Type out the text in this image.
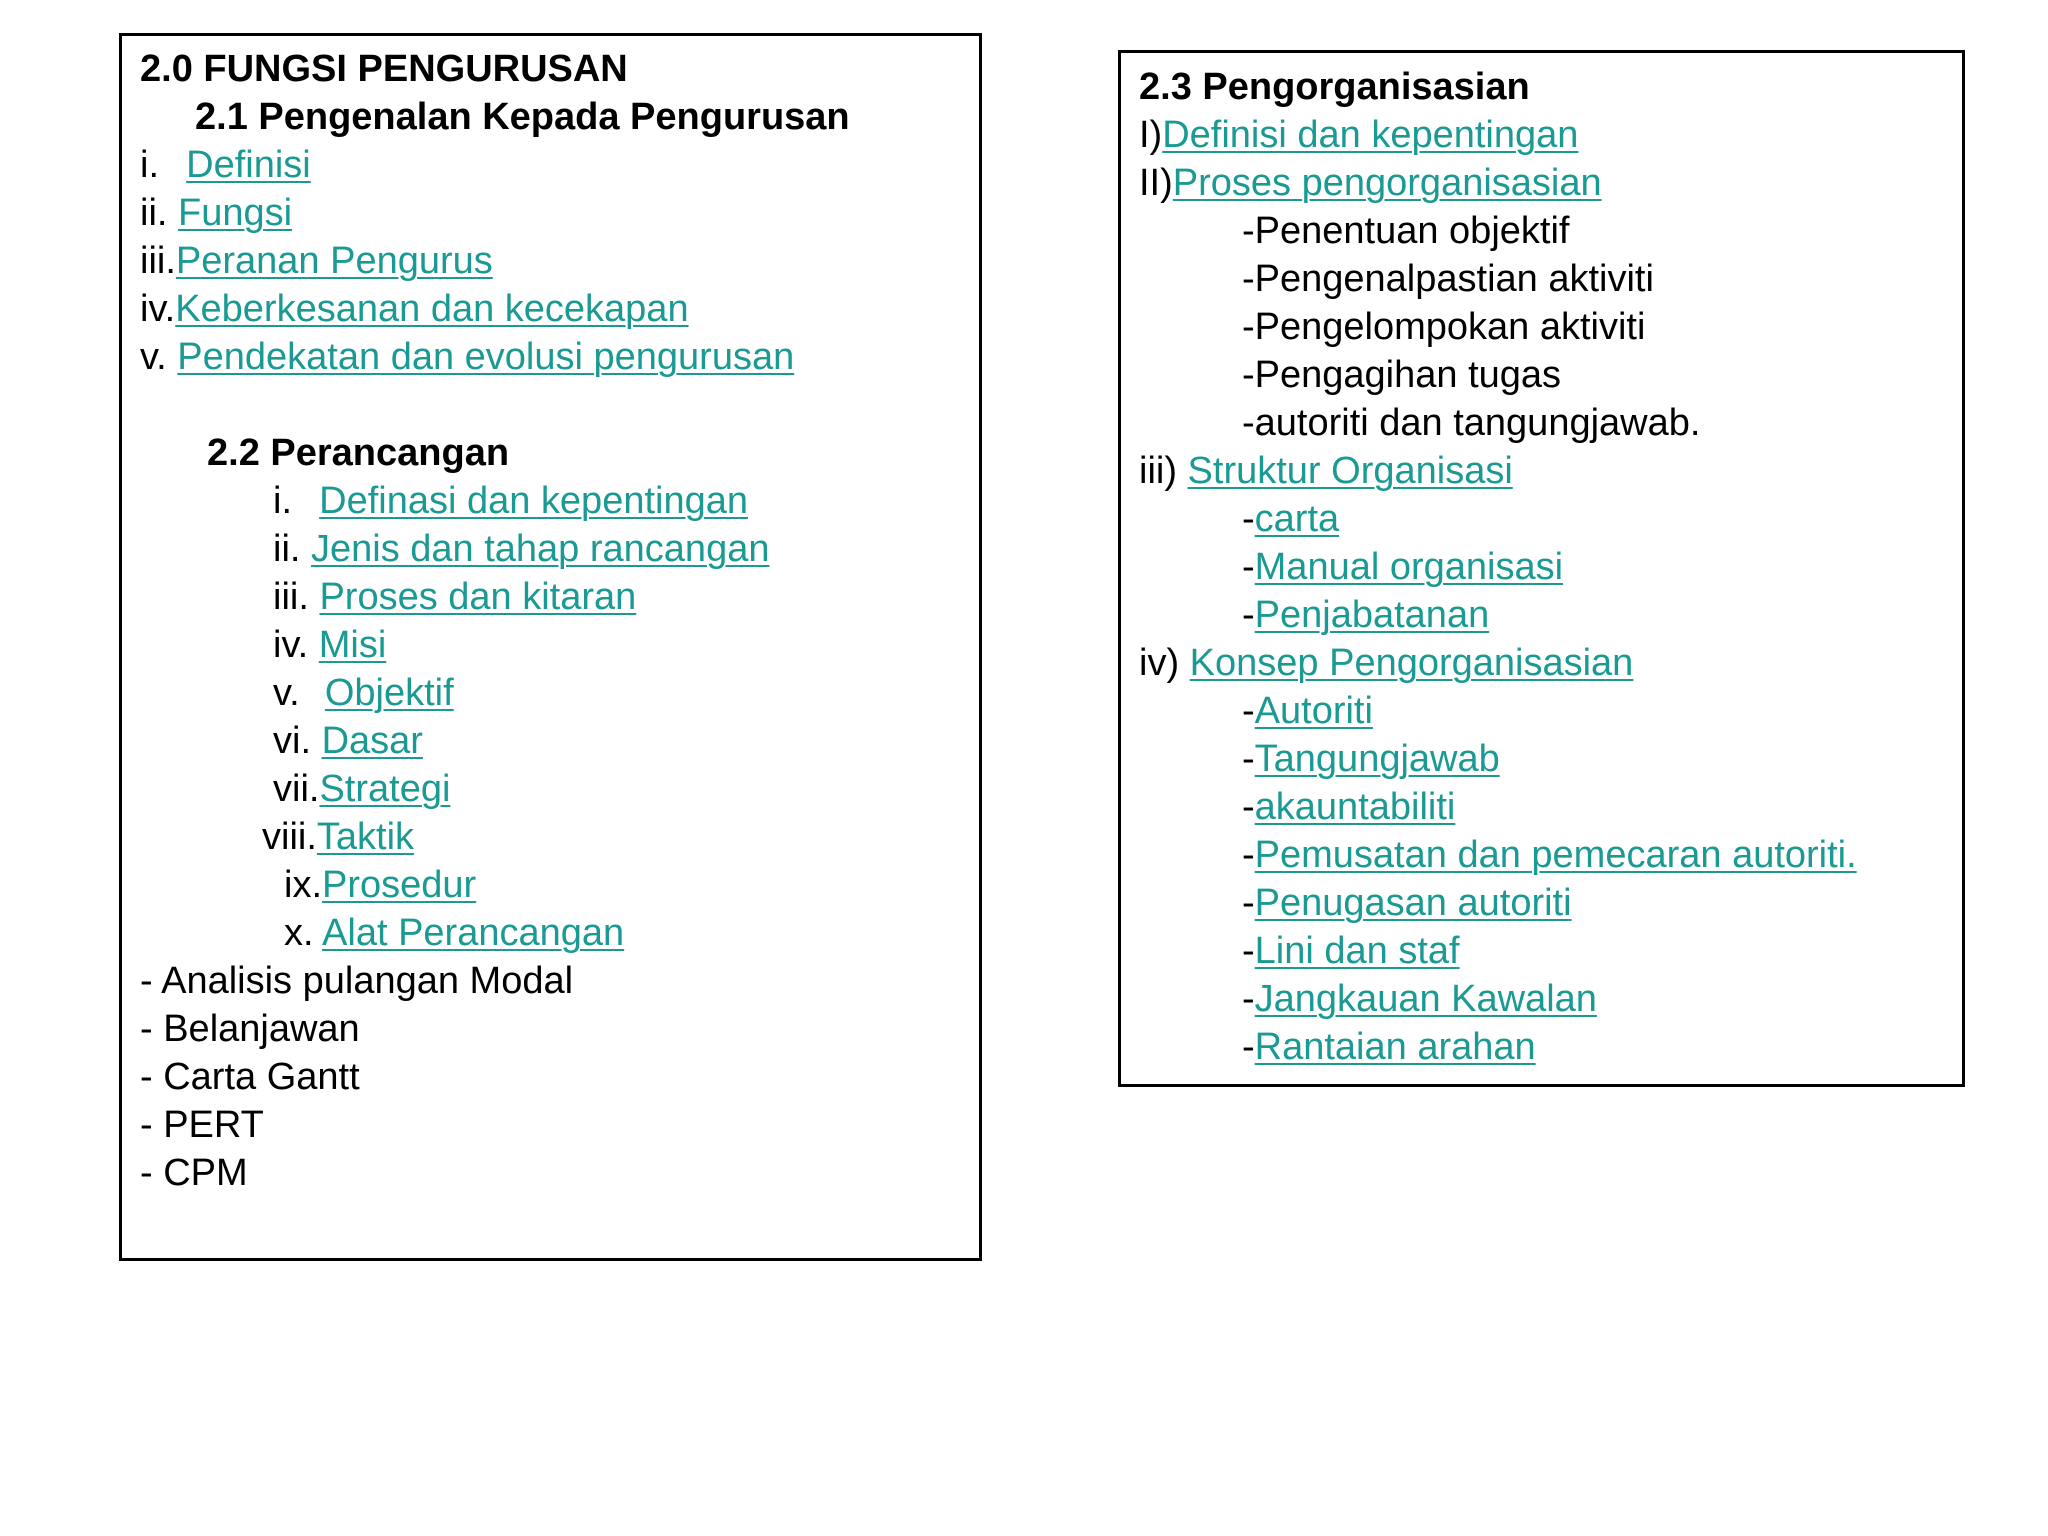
2.0 FUNGSI PENGURUSAN
2.1 Pengenalan Kepada Pengurusan
i.  Definisi
ii. Fungsi
iii.Peranan Pengurus
iv.Keberkesanan dan kecekapan
v. Pendekatan dan evolusi pengurusan
2.2 Perancangan
i.  Definasi dan kepentingan
ii. Jenis dan tahap rancangan
iii. Proses dan kitaran
iv. Misi
v.  Objektif
vi. Dasar
vii.Strategi
viii.Taktik
ix.Prosedur
x. Alat Perancangan
- Analisis pulangan Modal
- Belanjawan
- Carta Gantt
- PERT
- CPM
2.3 Pengorganisasian
I)Definisi dan kepentingan
II)Proses pengorganisasian
-Penentuan objektif
-Pengenalpastian aktiviti
-Pengelompokan aktiviti
-Pengagihan tugas
-autoriti dan tangungjawab.
iii) Struktur Organisasi
-carta
-Manual organisasi
-Penjabatanan
iv) Konsep Pengorganisasian
-Autoriti
-Tangungjawab
-akauntabiliti
-Pemusatan dan pemecaran autoriti.
-Penugasan autoriti
-Lini dan staf
-Jangkauan Kawalan
-Rantaian arahan
